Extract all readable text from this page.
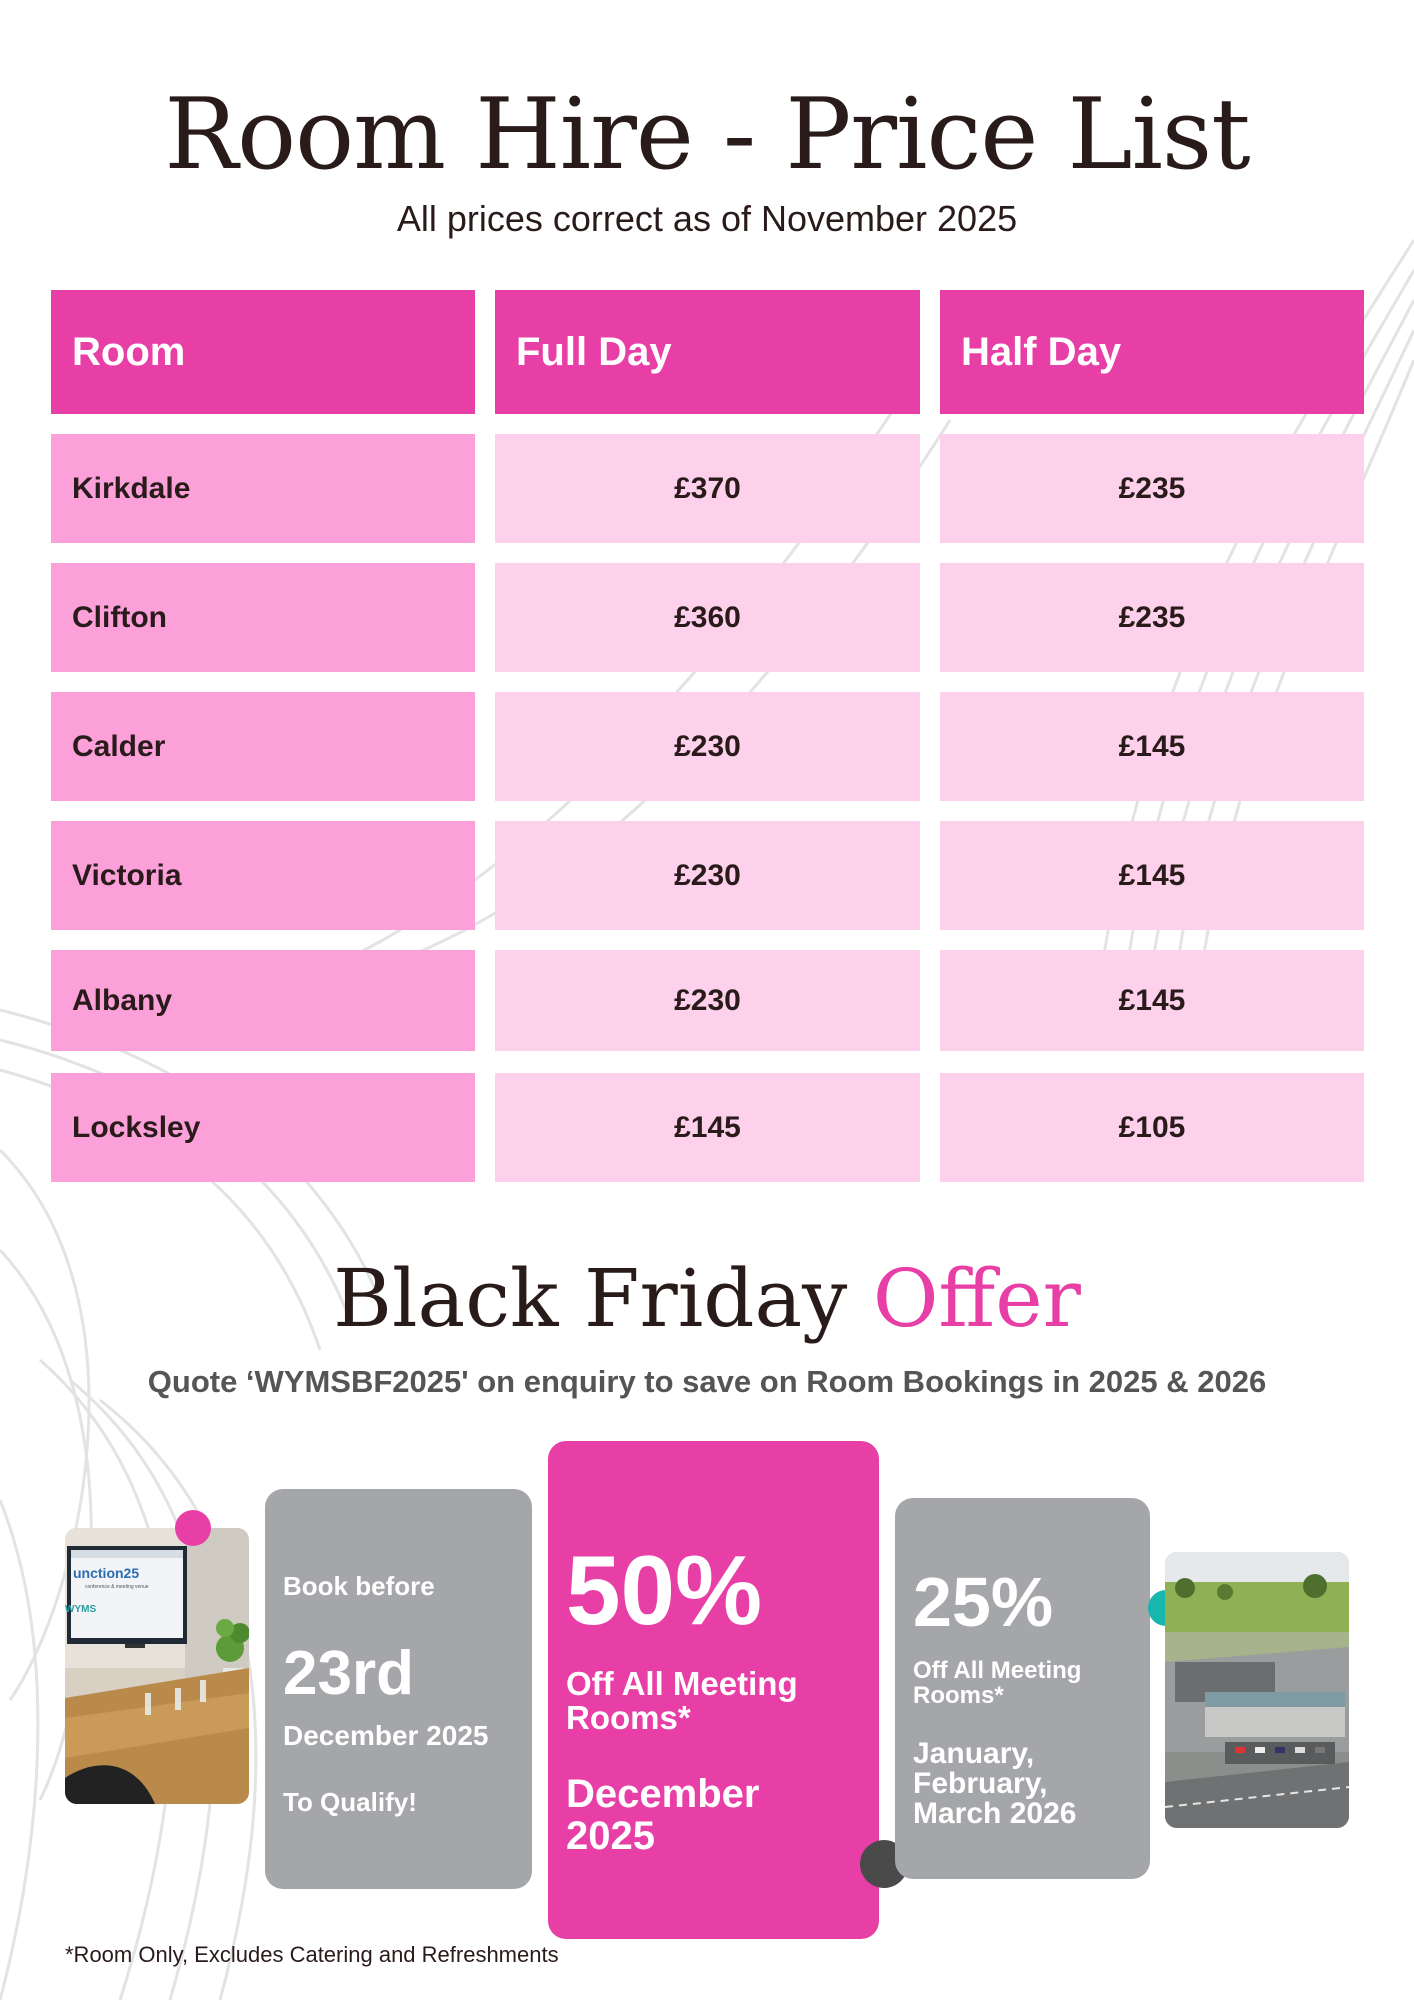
Room Hire - Price List
All prices correct as of November 2025
Room	Full Day	Half Day
Kirkdale	£370	£235
Clifton	£360	£235
Calder	£230	£145
Victoria	£230	£145
Albany	£230	£145
Locksley	£145	£105
Black Friday Offer
Quote ‘WYMSBF2025' on enquiry to save on Room Bookings in 2025 & 2026
unction25
conference & meeting venue
WYMS
Book before
23rd
December 2025
To Qualify!
50%
Off All Meeting
Rooms*
December
2025
25%
Off All Meeting
Rooms*
January,
February,
March 2026
*Room Only, Excludes Catering and Refreshments
